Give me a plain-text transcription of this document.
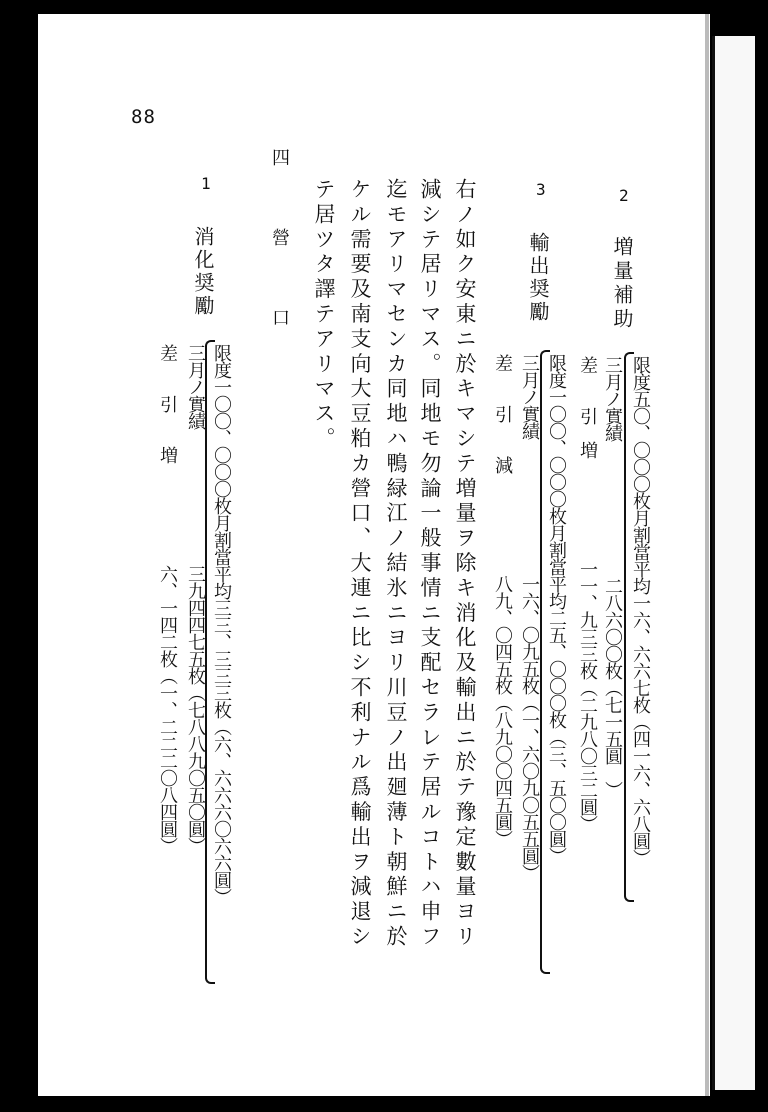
88
2
増量補助
限度五〇、〇〇〇枚月割當平均一六、六六七枚（四一六、六八圓）
三月ノ實績　　　　　　　　二八六〇〇枚（七一五圓　）
差　　引　増　　　　　　一一、九三三枚（二九八〇三二圓）
3
輸出奨勵
限度一〇〇、〇〇〇枚月割當平均二五、〇〇〇枚（三、五〇〇圓）
三月ノ實績　　　　　　　　一六、〇九五枚（一、六〇九〇五五圓）
差　　引　　減　　　　　　八九、〇四五枚（八九〇〇四五圓）
右ノ如ク安東ニ於キマシテ増量ヲ除キ消化及輸出ニ於テ豫定數量ヨリ
減シテ居リマス。同地モ勿論一般事情ニ支配セラレテ居ルコトハ申フ
迄モアリマセンカ同地ハ鴨緑江ノ結氷ニヨリ川豆ノ出廻薄ト朝鮮ニ於
ケル需要及南支向大豆粕カ營口、大連ニ比シ不利ナル爲輸出ヲ減退シ
テ居ツタ譯テアリマス。
四　營　口
1
消化奨勵
限度一〇〇、〇〇〇枚月割當平均三三、三三三枚（六、六六六〇六六圓）
三月ノ實績　　　　　　　　三九四四七五枚（七八八九〇五〇圓）
差　　引　　増　　　　　　六、一四二枚（一、二二二〇八四圓）
